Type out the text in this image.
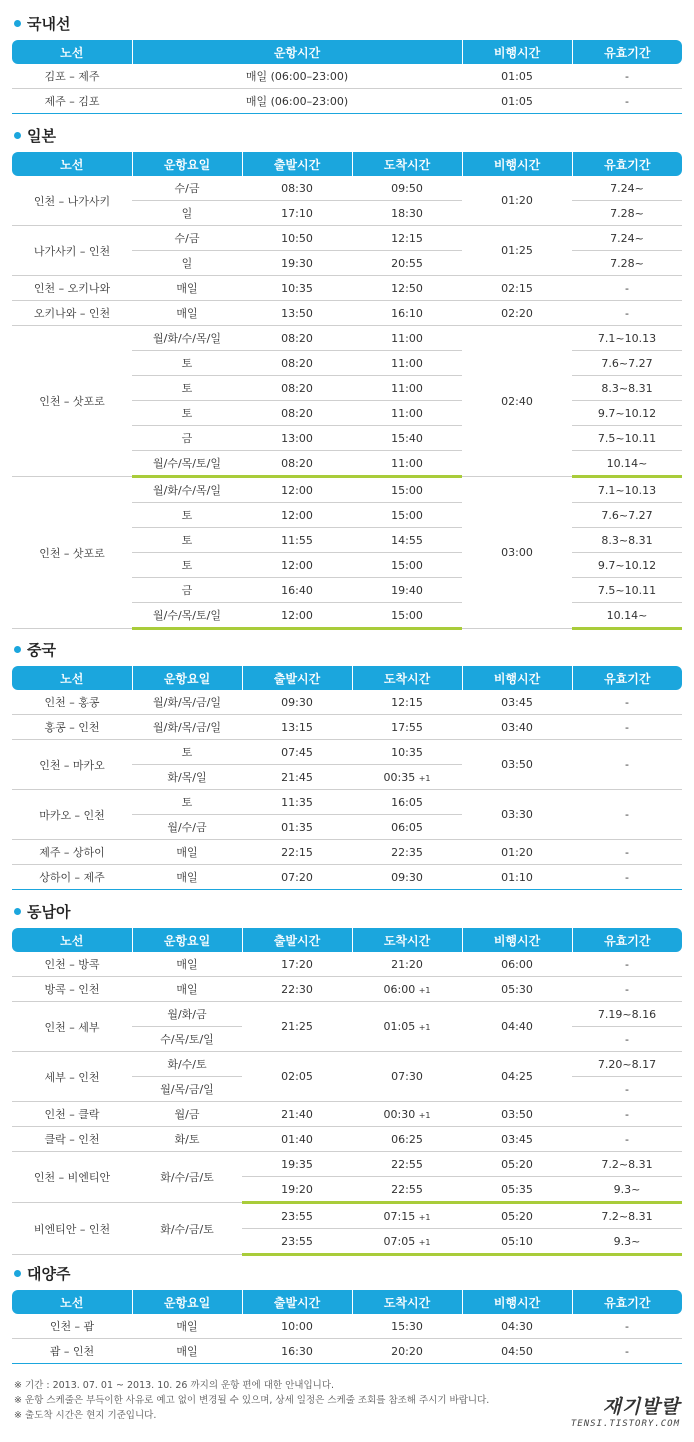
국내선
노선	운항시간	비행시간	유효기간
김포 – 제주	매일 (06:00–23:00)	01:05	-
제주 – 김포	매일 (06:00–23:00)	01:05	-
일본
노선	운항요일	출발시간	도착시간	비행시간	유효기간
인천 – 나가사키	수/금	08:30	09:50	01:20	7.24~
	일	17:10	18:30		7.28~
나가사키 – 인천	수/금	10:50	12:15	01:25	7.24~
	일	19:30	20:55		7.28~
인천 – 오키나와	매일	10:35	12:50	02:15	-
오키나와 – 인천	매일	13:50	16:10	02:20	-
인천 – 삿포로	월/화/수/목/일	08:20	11:00	02:40	7.1~10.13
	토	08:20	11:00		7.6~7.27
	토	08:20	11:00		8.3~8.31
	토	08:20	11:00		9.7~10.12
	금	13:00	15:40		7.5~10.11
	월/수/목/토/일	08:20	11:00		10.14~
인천 – 삿포로	월/화/수/목/일	12:00	15:00	03:00	7.1~10.13
	토	12:00	15:00		7.6~7.27
	토	11:55	14:55		8.3~8.31
	토	12:00	15:00		9.7~10.12
	금	16:40	19:40		7.5~10.11
	월/수/목/토/일	12:00	15:00		10.14~
중국
노선	운항요일	출발시간	도착시간	비행시간	유효기간
인천 – 홍콩	월/화/목/금/일	09:30	12:15	03:45	-
홍콩 – 인천	월/화/목/금/일	13:15	17:55	03:40	-
인천 – 마카오	토	07:45	10:35	03:50	-
	화/목/일	21:45	00:35 +1		
마카오 – 인천	토	11:35	16:05	03:30	-
	월/수/금	01:35	06:05		
제주 – 상하이	매일	22:15	22:35	01:20	-
상하이 – 제주	매일	07:20	09:30	01:10	-
동남아
노선	운항요일	출발시간	도착시간	비행시간	유효기간
인천 – 방콕	매일	17:20	21:20	06:00	-
방콕 – 인천	매일	22:30	06:00 +1	05:30	-
인천 – 세부	월/화/금	21:25	01:05 +1	04:40	7.19~8.16
	수/목/토/일				-
세부 – 인천	화/수/토	02:05	07:30	04:25	7.20~8.17
	월/목/금/일				-
인천 – 클락	월/금	21:40	00:30 +1	03:50	-
클락 – 인천	화/토	01:40	06:25	03:45	-
인천 – 비엔티안	화/수/금/토	19:35	22:55	05:20	7.2~8.31
		19:20	22:55	05:35	9.3~
비엔티안 – 인천	화/수/금/토	23:55	07:15 +1	05:20	7.2~8.31
		23:55	07:05 +1	05:10	9.3~
대양주
노선	운항요일	출발시간	도착시간	비행시간	유효기간
인천 – 괌	매일	10:00	15:30	04:30	-
괌 – 인천	매일	16:30	20:20	04:50	-
※ 기간 : 2013. 07. 01 ~ 2013. 10. 26 까지의 운항 편에 대한 안내입니다.
※ 운항 스케줄은 부득이한 사유로 예고 없이 변경될 수 있으며, 상세 일정은 스케줄 조회를 참조해 주시기 바랍니다.
※ 출도착 시간은 현지 기준입니다.	재기발랄
TENSI.TISTORY.COM
